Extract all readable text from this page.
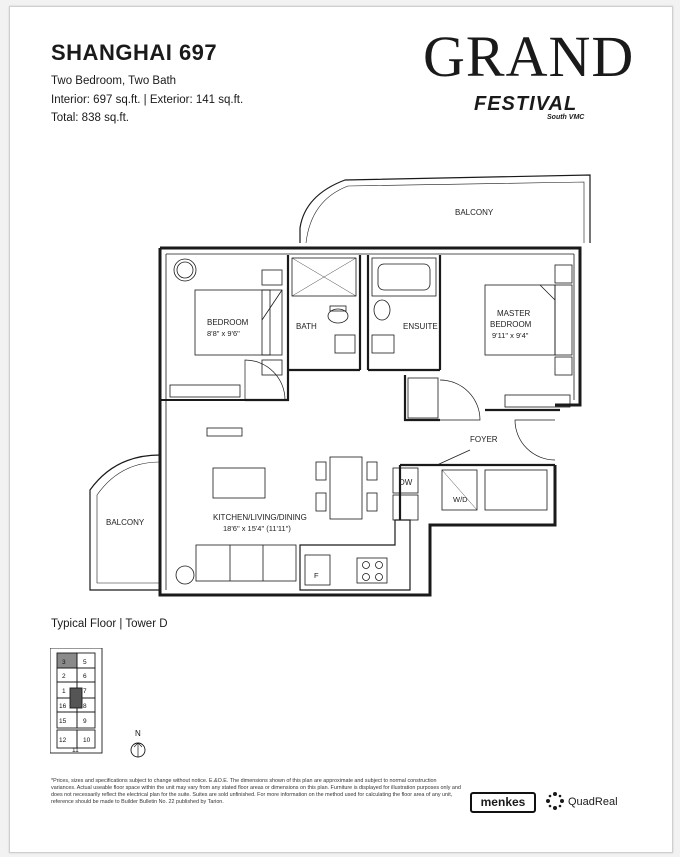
SHANGHAI 697
Two Bedroom, Two Bath
Interior: 697 sq.ft. | Exterior: 141 sq.ft.
Total: 838 sq.ft.
GRAND
FESTIVAL
South VMC
BALCONY
BALCONY
BEDROOM
8'8" x 9'6"
BATH	ENSUITE
MASTER
BEDROOM
9'11" x 9'4"
FOYER
DW
W/D
F
KITCHEN/LIVING/DINING
18'6" x 15'4" (11'11")
Typical Floor | Tower D
3	5
2	6
1	7
16	8
15	9
12	10
11
N
*Prices, sizes and specifications subject to change without notice. E.&O.E. The dimensions shown of this plan are approximate and subject to normal construction variances. Actual useable floor space within the unit may vary from any stated floor areas or dimensions on this plan. Furniture is displayed for illustration purposes only and does not necessarily reflect the electrical plan for the suite. Suites are sold unfinished. For more information on the method used for calculating the floor area of any unit, reference should be made to Builder Bulletin No. 22 published by Tarion.	menkes	QuadReal
